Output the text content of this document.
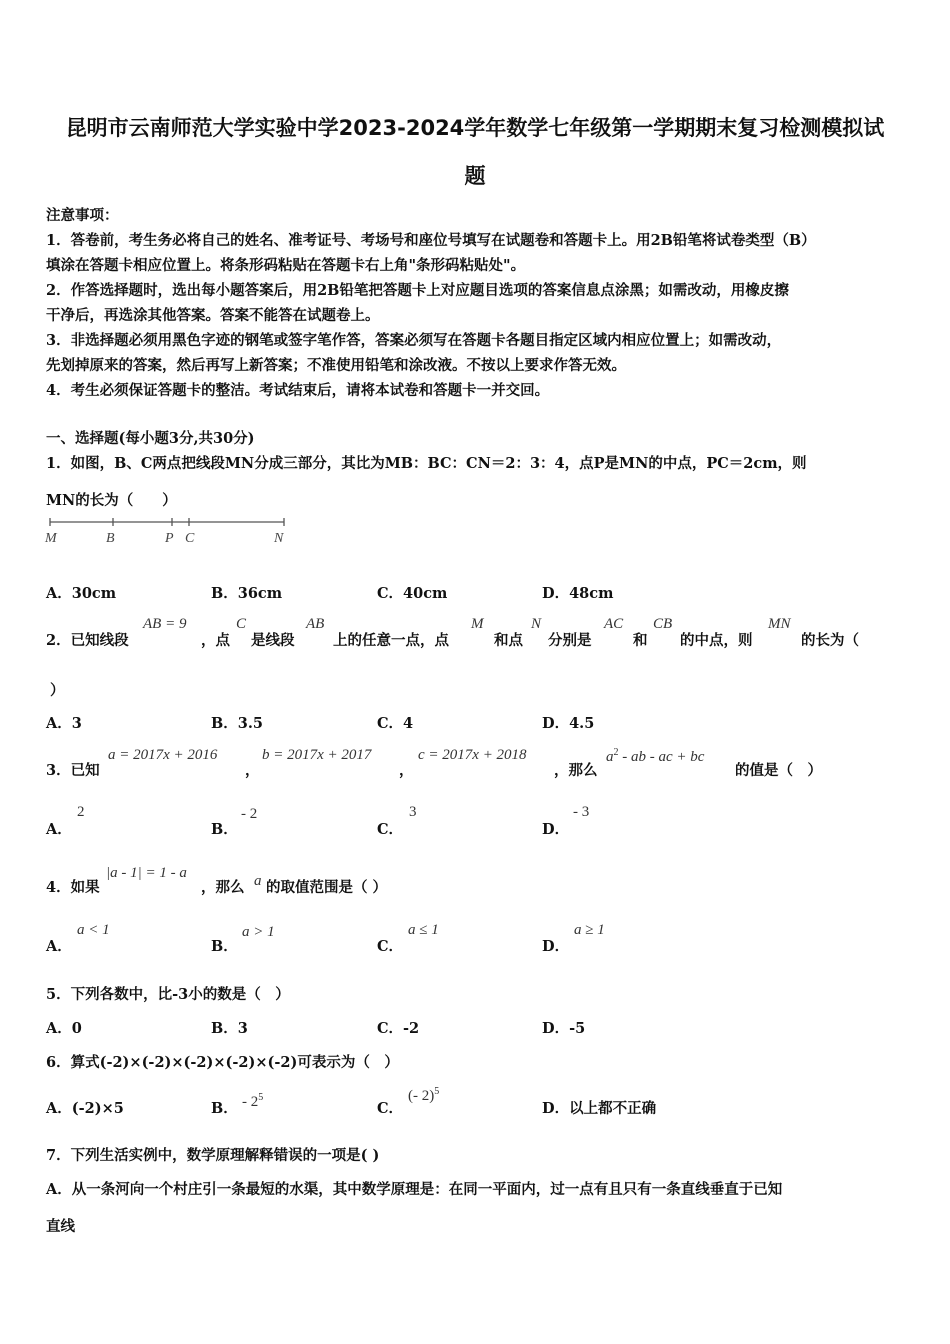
昆明市云南师范大学实验中学2023-2024学年数学七年级第一学期期末复习检测模拟试
题
注意事项：
1．答卷前，考生务必将自己的姓名、准考证号、考场号和座位号填写在试题卷和答题卡上。用2B铅笔将试卷类型（B）
填涂在答题卡相应位置上。将条形码粘贴在答题卡右上角"条形码粘贴处"。
2．作答选择题时，选出每小题答案后，用2B铅笔把答题卡上对应题目选项的答案信息点涂黑；如需改动，用橡皮擦
干净后，再选涂其他答案。答案不能答在试题卷上。
3．非选择题必须用黑色字迹的钢笔或签字笔作答，答案必须写在答题卡各题目指定区域内相应位置上；如需改动，
先划掉原来的答案，然后再写上新答案；不准使用铅笔和涂改液。不按以上要求作答无效。
4．考生必须保证答题卡的整洁。考试结束后，请将本试卷和答题卡一并交回。
一、选择题(每小题3分,共30分)
1．如图，B、C两点把线段MN分成三部分，其比为MB：BC：CN＝2：3：4，点P是MN的中点，PC＝2cm，则
MN的长为（　　）
M	B	P C	N
A．30cm	B．36cm	C．40cm	D．48cm
2．已知线段
AB = 9
，点
C
是线段
AB
上的任意一点，点
M
和点
N
分别是
AC
和
CB
的中点，则
MN
的长为（
）
A．3	B．3.5	C．4	D．4.5
3．已知
a = 2017x + 2016
，
b = 2017x + 2017
，
c = 2017x + 2018
，那么
$a^2$ - ab - ac + bc
的值是（　）
A．
2
B．
- 2
C．
3
D．
- 3
4．如果
|a - 1| = 1 - a
，那么 a 的取值范围是（ ）
A．
a < 1
B．
a > 1
C．
a ≤ 1
D．
a ≥ 1
5．下列各数中，比-3小的数是（　）
A．0	B．3	C．-2	D．-5
6．算式(-2)×(-2)×(-2)×(-2)×(-2)可表示为（　）
A．(-2)×5	B． - $2^5$
C．
(- 2)$^5$
D．以上都不正确
7．下列生活实例中，数学原理解释错误的一项是( )
A．从一条河向一个村庄引一条最短的水渠，其中数学原理是：在同一平面内，过一点有且只有一条直线垂直于已知
直线
